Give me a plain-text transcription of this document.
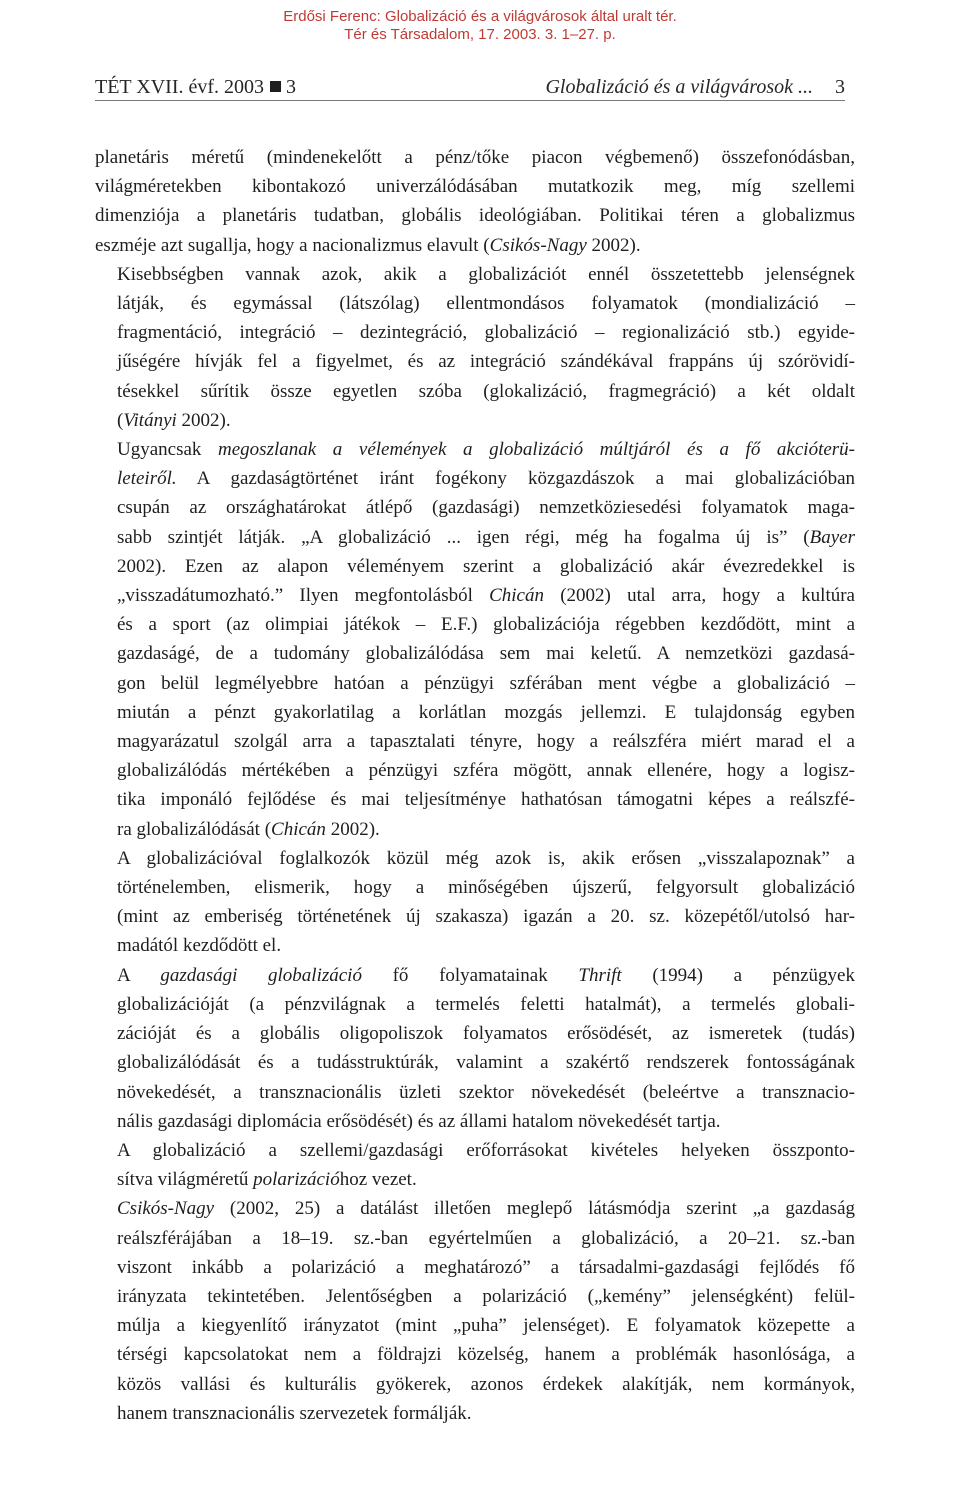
Erdősi Ferenc: Globalizáció és a világvárosok által uralt tér.
Tér és Társadalom, 17. 2003. 3. 1–27. p.
TÉT XVII. évf. 2003 3	Globalizáció és a világvárosok ... 3

planetáris méretű (mindenekelőtt a pénz/tőke piacon végbemenő) összefonódásban,
világméretekben kibontakozó univerzálódásában mutatkozik meg, míg szellemi
dimenziója a planetáris tudatban, globális ideológiában. Politikai téren a globalizmus
eszméje azt sugallja, hogy a nacionalizmus elavult (Csikós-Nagy 2002).

Kisebbségben vannak azok, akik a globalizációt ennél összetettebb jelenségnek
látják, és egymással (látszólag) ellentmondásos folyamatok (mondializáció –
fragmentáció, integráció – dezintegráció, globalizáció – regionalizáció stb.) egyide-
jűségére hívják fel a figyelmet, és az integráció szándékával frappáns új szórövidí-
tésekkel sűrítik össze egyetlen szóba (glokalizáció, fragmegráció) a két oldalt
(Vitányi 2002).

Ugyancsak megoszlanak a vélemények a globalizáció múltjáról és a fő akcióterü-
leteiről. A gazdaságtörténet iránt fogékony közgazdászok a mai globalizációban
csupán az országhatárokat átlépő (gazdasági) nemzetköziesedési folyamatok maga-
sabb szintjét látják. „A globalizáció ... igen régi, még ha fogalma új is” (Bayer
2002). Ezen az alapon véleményem szerint a globalizáció akár évezredekkel is
„visszadátumozható.” Ilyen megfontolásból Chicán (2002) utal arra, hogy a kultúra
és a sport (az olimpiai játékok – E.F.) globalizációja régebben kezdődött, mint a
gazdaságé, de a tudomány globalizálódása sem mai keletű. A nemzetközi gazdasá-
gon belül legmélyebbre hatóan a pénzügyi szférában ment végbe a globalizáció –
miután a pénzt gyakorlatilag a korlátlan mozgás jellemzi. E tulajdonság egyben
magyarázatul szolgál arra a tapasztalati tényre, hogy a reálszféra miért marad el a
globalizálódás mértékében a pénzügyi szféra mögött, annak ellenére, hogy a logisz-
tika imponáló fejlődése és mai teljesítménye hathatósan támogatni képes a reálszfé-
ra globalizálódását (Chicán 2002).

A globalizációval foglalkozók közül még azok is, akik erősen „visszalapoznak” a
történelemben, elismerik, hogy a minőségében újszerű, felgyorsult globalizáció
(mint az emberiség történetének új szakasza) igazán a 20. sz. közepétől/utolsó har-
madától kezdődött el.

A gazdasági globalizáció fő folyamatainak Thrift (1994) a pénzügyek
globalizációját (a pénzvilágnak a termelés feletti hatalmát), a termelés globali-
zációját és a globális oligopoliszok folyamatos erősödését, az ismeretek (tudás)
globalizálódását és a tudásstruktúrák, valamint a szakértő rendszerek fontosságának
növekedését, a transznacionális üzleti szektor növekedését (beleértve a transznacio-
nális gazdasági diplomácia erősödését) és az állami hatalom növekedését tartja.

A globalizáció a szellemi/gazdasági erőforrásokat kivételes helyeken összponto-
sítva világméretű polarizációhoz vezet.

Csikós-Nagy (2002, 25) a datálást illetően meglepő látásmódja szerint „a gazdaság
reálszférájában a 18–19. sz.-ban egyértelműen a globalizáció, a 20–21. sz.-ban
viszont inkább a polarizáció a meghatározó” a társadalmi-gazdasági fejlődés fő
irányzata tekintetében. Jelentőségben a polarizáció („kemény” jelenségként) felül-
múlja a kiegyenlítő irányzatot (mint „puha” jelenséget). E folyamatok közepette a
térségi kapcsolatokat nem a földrajzi közelség, hanem a problémák hasonlósága, a
közös vallási és kulturális gyökerek, azonos érdekek alakítják, nem kormányok,
hanem transznacionális szervezetek formálják.
